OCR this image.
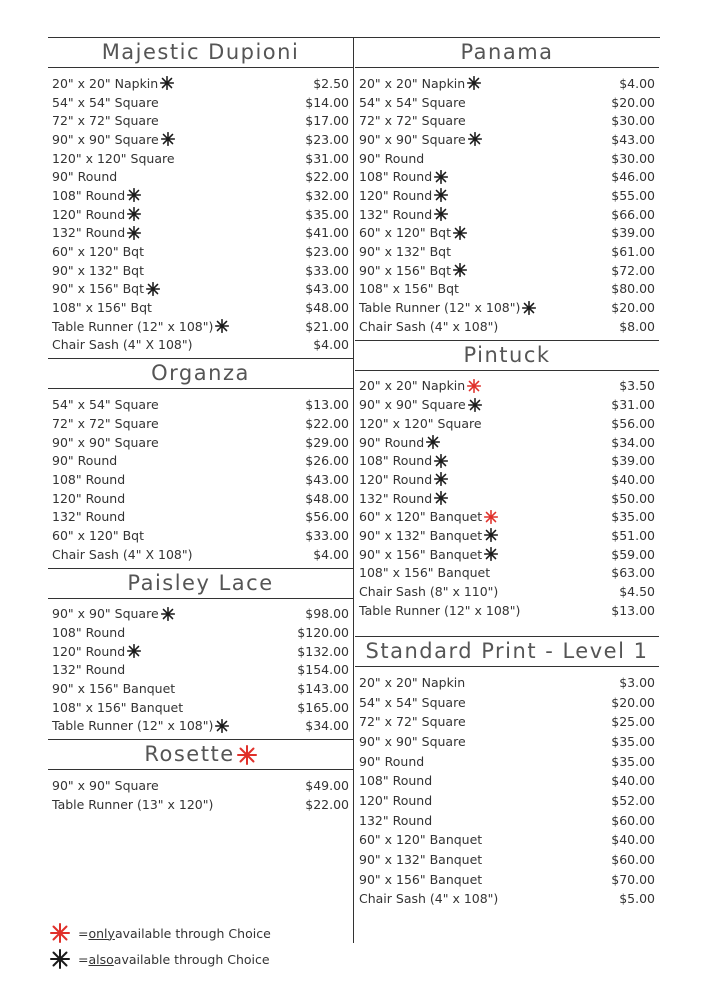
Majestic Dupioni
20" x 20" Napkin	$2.50
54" x 54" Square	$14.00
72" x 72" Square	$17.00
90" x 90" Square	$23.00
120" x 120" Square	$31.00
90" Round	$22.00
108" Round	$32.00
120" Round	$35.00
132" Round	$41.00
60" x 120" Bqt	$23.00
90" x 132" Bqt	$33.00
90" x 156" Bqt	$43.00
108" x 156" Bqt	$48.00
Table Runner (12" x 108")	$21.00
Chair Sash (4" X 108")	$4.00
Organza
54" x 54" Square	$13.00
72" x 72" Square	$22.00
90" x 90" Square	$29.00
90" Round	$26.00
108" Round	$43.00
120" Round	$48.00
132" Round	$56.00
60" x 120" Bqt	$33.00
Chair Sash (4" X 108")	$4.00
Paisley Lace
90" x 90" Square	$98.00
108" Round	$120.00
120" Round	$132.00
132" Round	$154.00
90" x 156" Banquet	$143.00
108" x 156" Banquet	$165.00
Table Runner (12" x 108")	$34.00
Rosette
90" x 90" Square	$49.00
Table Runner (13" x 120")	$22.00
Panama
20" x 20" Napkin	$4.00
54" x 54" Square	$20.00
72" x 72" Square	$30.00
90" x 90" Square	$43.00
90" Round	$30.00
108" Round	$46.00
120" Round	$55.00
132" Round	$66.00
60" x 120" Bqt	$39.00
90" x 132" Bqt	$61.00
90" x 156" Bqt	$72.00
108" x 156" Bqt	$80.00
Table Runner (12" x 108")	$20.00
Chair Sash (4" x 108")	$8.00
Pintuck
20" x 20" Napkin	$3.50
90" x 90" Square	$31.00
120" x 120" Square	$56.00
90" Round	$34.00
108" Round	$39.00
120" Round	$40.00
132" Round	$50.00
60" x 120" Banquet	$35.00
90" x 132" Banquet	$51.00
90" x 156" Banquet	$59.00
108" x 156" Banquet	$63.00
Chair Sash (8" x 110")	$4.50
Table Runner (12" x 108")	$13.00
Standard Print - Level 1
20" x 20" Napkin	$3.00
54" x 54" Square	$20.00
72" x 72" Square	$25.00
90" x 90" Square	$35.00
90" Round	$35.00
108" Round	$40.00
120" Round	$52.00
132" Round	$60.00
60" x 120" Banquet	$40.00
90" x 132" Banquet	$60.00
90" x 156" Banquet	$70.00
Chair Sash (4" x 108")	$5.00
= only available through Choice
= also available through Choice
